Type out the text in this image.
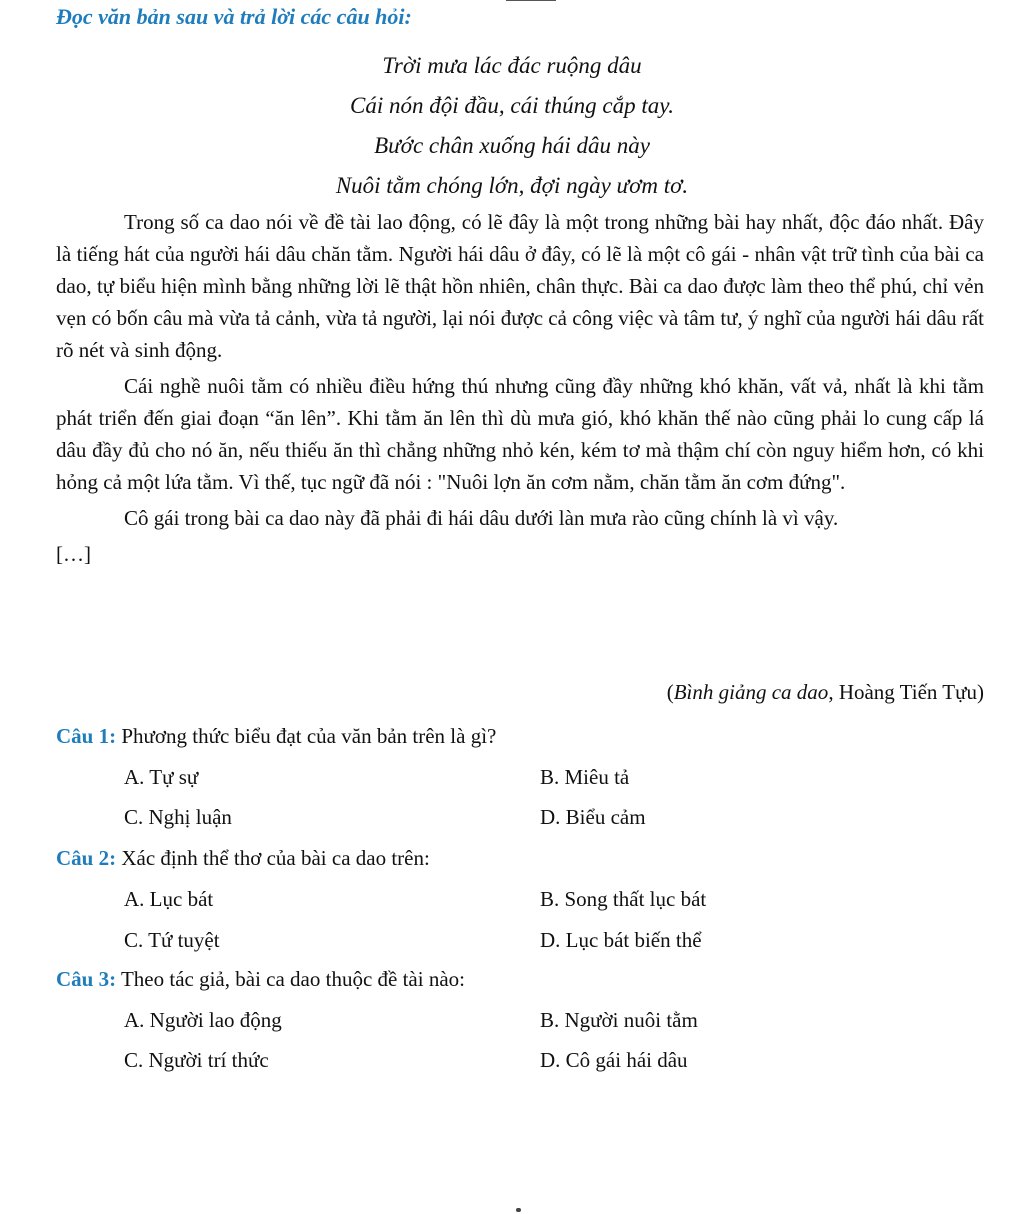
Đọc văn bản sau và trả lời các câu hỏi:
Trời mưa lác đác ruộng dâu
Cái nón đội đầu, cái thúng cắp tay.
Bước chân xuống hái dâu này
Nuôi tằm chóng lớn, đợi ngày ươm tơ.

Trong số ca dao nói về đề tài lao động, có lẽ đây là một trong những bài hay nhất, độc đáo nhất. Đây là tiếng hát của người hái dâu chăn tằm. Người hái dâu ở đây, có lẽ là một cô gái - nhân vật trữ tình của bài ca dao, tự biểu hiện mình bằng những lời lẽ thật hồn nhiên, chân thực. Bài ca dao được làm theo thể phú, chỉ vẻn vẹn có bốn câu mà vừa tả cảnh, vừa tả người, lại nói được cả công việc và tâm tư, ý nghĩ của người hái dâu rất rõ nét và sinh động.

Cái nghề nuôi tằm có nhiều điều hứng thú nhưng cũng đầy những khó khăn, vất vả, nhất là khi tằm phát triển đến giai đoạn “ăn lên”. Khi tằm ăn lên thì dù mưa gió, khó khăn thế nào cũng phải lo cung cấp lá dâu đầy đủ cho nó ăn, nếu thiếu ăn thì chẳng những nhỏ kén, kém tơ mà thậm chí còn nguy hiểm hơn, có khi hỏng cả một lứa tằm. Vì thế, tục ngữ đã nói : "Nuôi lợn ăn cơm nằm, chăn tằm ăn cơm đứng".

Cô gái trong bài ca dao này đã phải đi hái dâu dưới làn mưa rào cũng chính là vì vậy.

[…]

(Bình giảng ca dao, Hoàng Tiến Tựu)
Câu 1: Phương thức biểu đạt của văn bản trên là gì?
A. Tự sự	B. Miêu tả
C. Nghị luận	D. Biểu cảm
Câu 2: Xác định thể thơ của bài ca dao trên:
A. Lục bát	B. Song thất lục bát
C. Tứ tuyệt	D. Lục bát biến thể
Câu 3: Theo tác giả, bài ca dao thuộc đề tài nào:
A. Người lao động	B. Người nuôi tằm
C. Người trí thức	D. Cô gái hái dâu
